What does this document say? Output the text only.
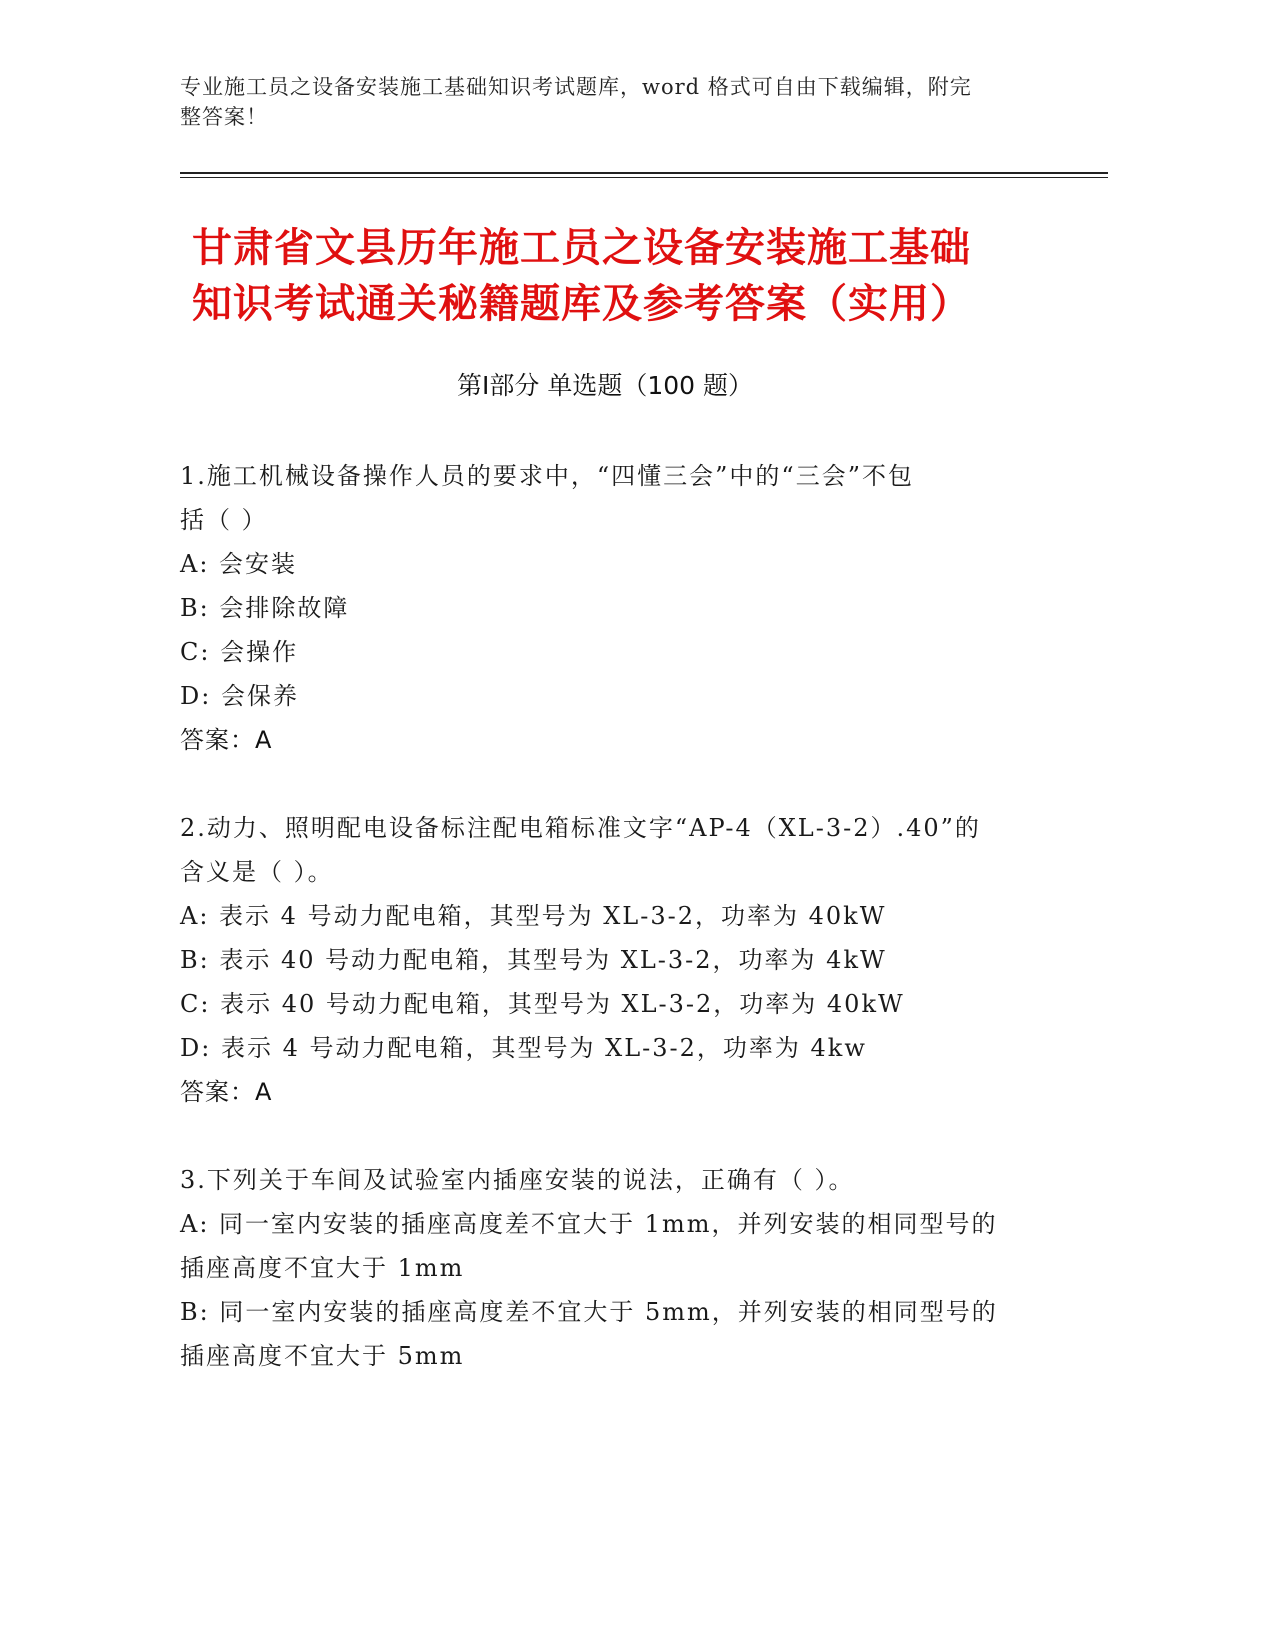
专业施工员之设备安装施工基础知识考试题库，word 格式可自由下载编辑，附完
整答案！
甘肃省文县历年施工员之设备安装施工基础
知识考试通关秘籍题库及参考答案（实用）
第Ⅰ部分 单选题（100 题）
1.施工机械设备操作人员的要求中，“四懂三会”中的“三会”不包
括（ ）
A: 会安装
B: 会排除故障
C: 会操作
D: 会保养
答案：A
2.动力、照明配电设备标注配电箱标准文字“AP-4（XL-3-2）.40”的
含义是（ ）。
A: 表示 4 号动力配电箱，其型号为 XL-3-2，功率为 40kW
B: 表示 40 号动力配电箱，其型号为 XL-3-2，功率为 4kW
C: 表示 40 号动力配电箱，其型号为 XL-3-2，功率为 40kW
D: 表示 4 号动力配电箱，其型号为 XL-3-2，功率为 4kw
答案：A
3.下列关于车间及试验室内插座安装的说法，正确有（ ）。
A: 同一室内安装的插座高度差不宜大于 1mm，并列安装的相同型号的
插座高度不宜大于 1mm
B: 同一室内安装的插座高度差不宜大于 5mm，并列安装的相同型号的
插座高度不宜大于 5mm
